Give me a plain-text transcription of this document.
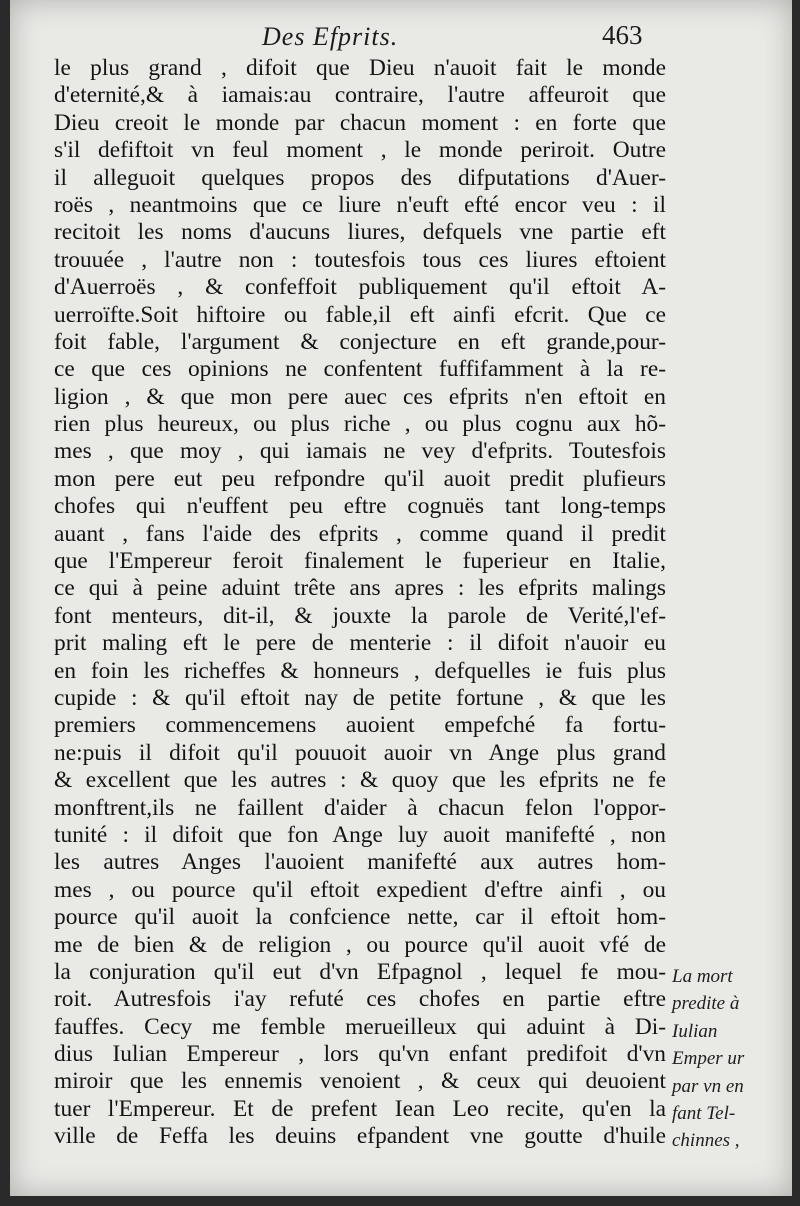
Des Efprits.	463
le plus grand , difoit que Dieu n'auoit fait le monde
d'eternité,& à iamais:au contraire, l'autre affeuroit que
Dieu creoit le monde par chacun moment : en forte que
s'il defiftoit vn feul moment , le monde periroit. Outre
il alleguoit quelques propos des difputations d'Auer-
roës , neantmoins que ce liure n'euft efté encor veu : il
recitoit les noms d'aucuns liures, defquels vne partie eft
trouuée , l'autre non : toutesfois tous ces liures eftoient
d'Auerroës , & confeffoit publiquement qu'il eftoit A-
uerroïfte.Soit hiftoire ou fable,il eft ainfi efcrit. Que ce
foit fable, l'argument & conjecture en eft grande,pour-
ce que ces opinions ne confentent fuffifamment à la re-
ligion , & que mon pere auec ces efprits n'en eftoit en
rien plus heureux, ou plus riche , ou plus cognu aux hõ-
mes , que moy , qui iamais ne vey d'efprits. Toutesfois
mon pere eut peu refpondre qu'il auoit predit plufieurs
chofes qui n'euffent peu eftre cognuës tant long-temps
auant , fans l'aide des efprits , comme quand il predit
que l'Empereur feroit finalement le fuperieur en Italie,
ce qui à peine aduint trête ans apres : les efprits malings
font menteurs, dit-il, & jouxte la parole de Verité,l'ef-
prit maling eft le pere de menterie : il difoit n'auoir eu
en foin les richeffes & honneurs , defquelles ie fuis plus
cupide : & qu'il eftoit nay de petite fortune , & que les
premiers commencemens auoient empefché fa fortu-
ne:puis il difoit qu'il pouuoit auoir vn Ange plus grand
& excellent que les autres : & quoy que les efprits ne fe
monftrent,ils ne faillent d'aider à chacun felon l'oppor-
tunité : il difoit que fon Ange luy auoit manifefté , non
les autres Anges l'auoient manifefté aux autres hom-
mes , ou pource qu'il eftoit expedient d'eftre ainfi , ou
pource qu'il auoit la confcience nette, car il eftoit hom-
me de bien & de religion , ou pource qu'il auoit vfé de
la conjuration qu'il eut d'vn Efpagnol , lequel fe mou-
roit. Autresfois i'ay refuté ces chofes en partie eftre
fauffes. Cecy me femble merueilleux qui aduint à Di-
dius Iulian Empereur , lors qu'vn enfant predifoit d'vn
miroir que les ennemis venoient , & ceux qui deuoient
tuer l'Empereur. Et de prefent Iean Leo recite, qu'en la
ville de Feffa les deuins efpandent vne goutte d'huile
La mort
predite à
Iulian
Emper ur
par vn en
fant Tel-
chinnes ,
